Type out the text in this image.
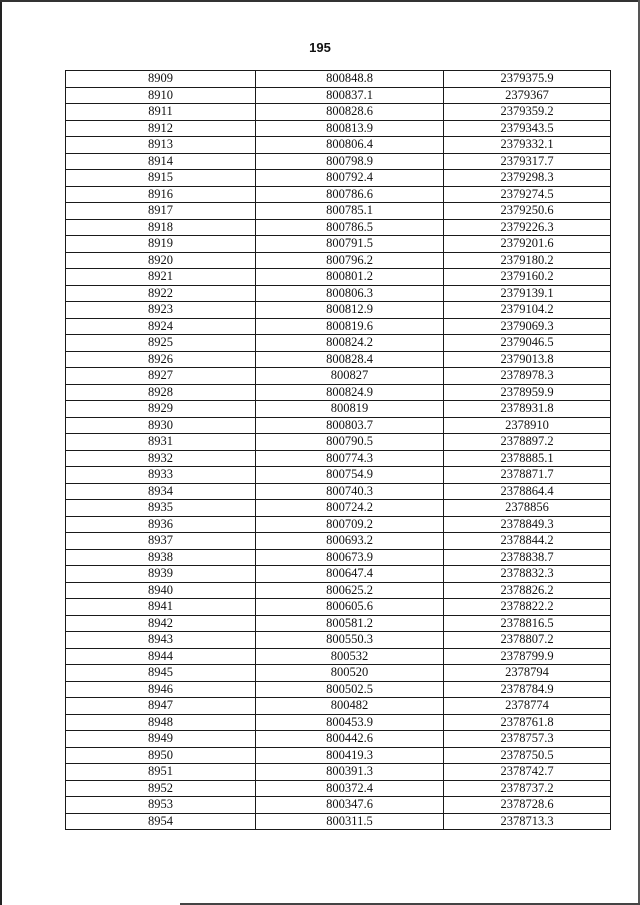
195
8909	800848.8	2379375.9
8910	800837.1	2379367
8911	800828.6	2379359.2
8912	800813.9	2379343.5
8913	800806.4	2379332.1
8914	800798.9	2379317.7
8915	800792.4	2379298.3
8916	800786.6	2379274.5
8917	800785.1	2379250.6
8918	800786.5	2379226.3
8919	800791.5	2379201.6
8920	800796.2	2379180.2
8921	800801.2	2379160.2
8922	800806.3	2379139.1
8923	800812.9	2379104.2
8924	800819.6	2379069.3
8925	800824.2	2379046.5
8926	800828.4	2379013.8
8927	800827	2378978.3
8928	800824.9	2378959.9
8929	800819	2378931.8
8930	800803.7	2378910
8931	800790.5	2378897.2
8932	800774.3	2378885.1
8933	800754.9	2378871.7
8934	800740.3	2378864.4
8935	800724.2	2378856
8936	800709.2	2378849.3
8937	800693.2	2378844.2
8938	800673.9	2378838.7
8939	800647.4	2378832.3
8940	800625.2	2378826.2
8941	800605.6	2378822.2
8942	800581.2	2378816.5
8943	800550.3	2378807.2
8944	800532	2378799.9
8945	800520	2378794
8946	800502.5	2378784.9
8947	800482	2378774
8948	800453.9	2378761.8
8949	800442.6	2378757.3
8950	800419.3	2378750.5
8951	800391.3	2378742.7
8952	800372.4	2378737.2
8953	800347.6	2378728.6
8954	800311.5	2378713.3
